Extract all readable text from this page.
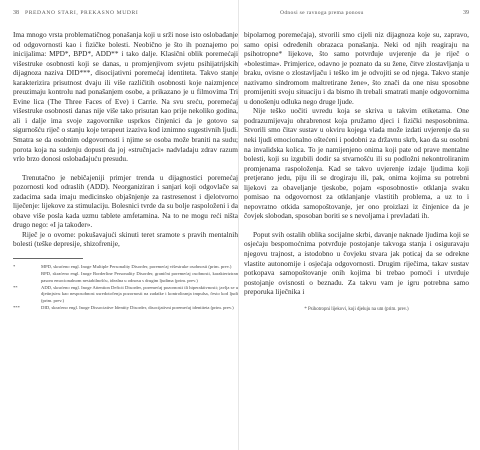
38 PREDANO STARI, PREKASNO MUDRI

Ima mnogo vrsta problematičnog ponašanja koji u srži nose isto oslobađanje od odgovornosti kao i fizičke bolesti. Neobično je što ih poznajemo po inicijalima: MPD*, BPD*, ADD** i tako dalje. Klasični oblik poremećaji višestruke osobnosti koji se danas, u promjenjivom svjetu psihijatrijskih dijagnoza naziva DID***, disocijativni poremećaj identiteta. Takvo stanje karakterizira prisutnost dvaju ili više različitih osobnosti koje naizmjence preuzimaju kontrolu nad ponašanjem osobe, a prikazano je u filmovima Tri Evine lica (The Three Faces of Eve) i Carrie. Na svu sreću, poremećaj višestruke osobnosti danas nije više tako prisutan kao prije nekoliko godina, ali i dalje ima svoje zagovornike usprkos činjenici da je gotovo sa sigurnošću riječ o stanju koje terapeut izaziva kod iznimno sugestivnih ljudi. Smatra se da osobnim odgovornosti i njime se osoba može braniti na sudu; porota koja na sudenju dopusti da joj «stručnjaci» nadvladaju zdrav razum vrlo brzo donosi oslobađajuću presudu.

Trenutačno je nebičajeniji primjer trenda u dijagnostici poremećaj pozornosti kod odraslih (ADD). Neorganiziran i sanjari koji odgovlače sa zadacima sada imaju medicinsko objašnjenje za rastresenost i djelotvorno liječenje: lijekove za stimulaciju. Bolesnici tvrde da su bolje raspoloženi i da obave više posla kada uzmu tablete amfetamina. Na to ne mogu reći ništa drugo nego: «I ja također».

Riječ je o ovome: pokušavajući skinuti teret sramote s pravih mentalnih bolesti (teške depresije, shizofrenije,

*	MPD, skraćeno engl. Inoge Multiple Personality Disorder, poremećaj višestruke osobnosti (prim. prev.)
BPD, skraćeno engl. Inoge Borderline Personality Disorder, granični poremećaj osobnosti, karakteriziran pasom emocionalnom nestabilnošću, idealna u odnosu s drugim ljudima (prim. prev.)
**	ADD, skraćeno engl. Inoge Attention Deficit Disorder, poremećaj pozornosti ili hiperaktivnosti; javlja se u djetinjstvu kao nesposobnost usredotočenja pozornosti na zadatke i kontroliranja impulsa, često kod ljudi (prim. prev.)
***	DID, skraćeno engl. Inoge Dissociative Identity Disorder, disocijativni poremećaj identiteta (prim. prev.)
Odnosi se ravnoga prema ponosu	39

bipolarnog poremećaja), stvorili smo cijeli niz dijagnoza koje su, zapravo, samo opisi određenih obrazaca ponašanja. Neki od njih reagiraju na psihotropne* lijekove, što samo potvrđuje uvjerenje da je riječ o «bolestima». Primjerice, odavno je poznato da su žene, čitve zlostavljanja u braku, ovisne o zlostavljaču i teško im je odvojiti se od njega. Takvo stanje nazivamo sindromom maltretirane žene», što znači da one nisu sposobne promijeniti svoju situaciju i da bismo ih trebali smatrati manje odgovornima u donošenju odluka nego druge ljude.

Nije teško uočiti uvredu koja se skriva u takvim etiketama. One podrazumijevaju ohrabrenost koja pružamo djeci i fizički nesposobnima. Stvorili smo čitav sustav u okviru kojega vlada može izdati uvjerenje da su neki ljudi emocionalno oštećeni i podobni za državnu skrb, kao da su osobni na invalidska kolica. To je namijenjeno onima koji pate od prave mentalne bolesti, koji su izgubili dodir sa stvarnošću ili su podložni nekontroliranim promjenama raspoloženja. Kad se takvo uvjerenje izdaje ljudima koji pretjerano jedu, piju ili se drogiraju ili, pak, onima kojima su potrebni lijekovi za obaveljanje tjeskobe, pojam «sposobnosti» otklanja svaku pomisao na odgovornost za otklanjanje vlastitih problema, a uz to i nepovratno otkida samopoštovanje, jer ono proizlazi iz činjenice da je čovjek slobodan, sposoban boriti se s nevoljama i prevladati ih.

Poput svih ostalih oblika socijalne skrbi, davanje naknade ljudima koji se osjećaju bespomoćnima potvrđuje postojanje takvoga stanja i osiguravaju njegovu trajnost, a istodobno u čovjeku stvara jak poticaj da se odrekne vlastite autonomije i osjećaja odgovornosti. Drugim riječima, takav sustav potkopava samopoštovanje onih kojima bi trebao pomoći i utvrđuje postojanje ovisnosti o beznađu. Za takvu vam je igru potrebna samo preporuka liječnika i

* Psihotropni lijekovi, koji djeluju na um (prim. prev.)
